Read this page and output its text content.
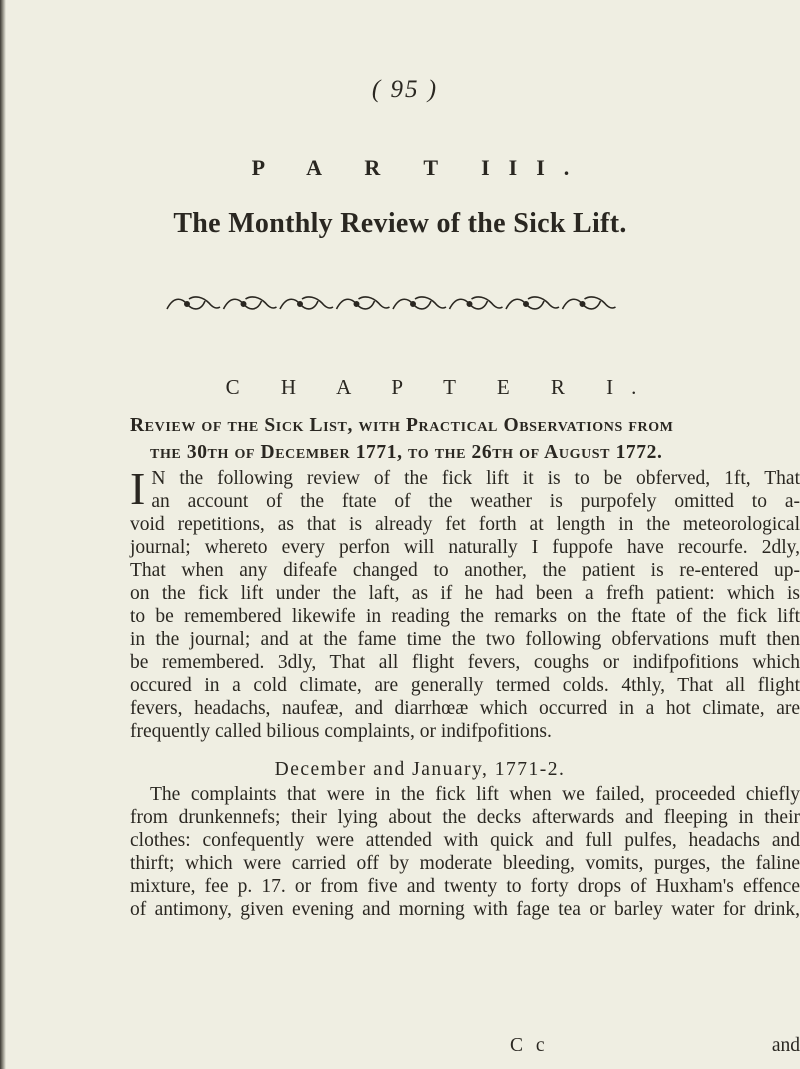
( 95 )
P A R T III.
The Monthly Review of the Sick Lift.
C H A P T E R I.
Review of the Sick List, with Practical Observations from
the 30th of December 1771, to the 26th of August 1772.
I N the following review of the fick lift it is to be obferved, 1ft, That
an account of the ftate of the weather is purpofely omitted to a-
void repetitions, as that is already fet forth at length in the meteorological
journal; whereto every perfon will naturally I fuppofe have recourfe. 2dly,
That when any difeafe changed to another, the patient is re-entered up-
on the fick lift under the laft, as if he had been a frefh patient: which is
to be remembered likewife in reading the remarks on the ftate of the fick lift
in the journal; and at the fame time the two following obfervations muft then
be remembered. 3dly, That all flight fevers, coughs or indifpofitions which
occured in a cold climate, are generally termed colds. 4thly, That all flight
fevers, headachs, naufeæ, and diarrhœæ which occurred in a hot climate, are
frequently called bilious complaints, or indifpofitions.
December and January, 1771-2.
The complaints that were in the fick lift when we failed, proceeded chiefly
from drunkennefs; their lying about the decks afterwards and fleeping in their
clothes: confequently were attended with quick and full pulfes, headachs and
thirft; which were carried off by moderate bleeding, vomits, purges, the faline
mixture, fee p. 17. or from five and twenty to forty drops of Huxham's effence
of antimony, given evening and morning with fage tea or barley water for drink,
C c	and
